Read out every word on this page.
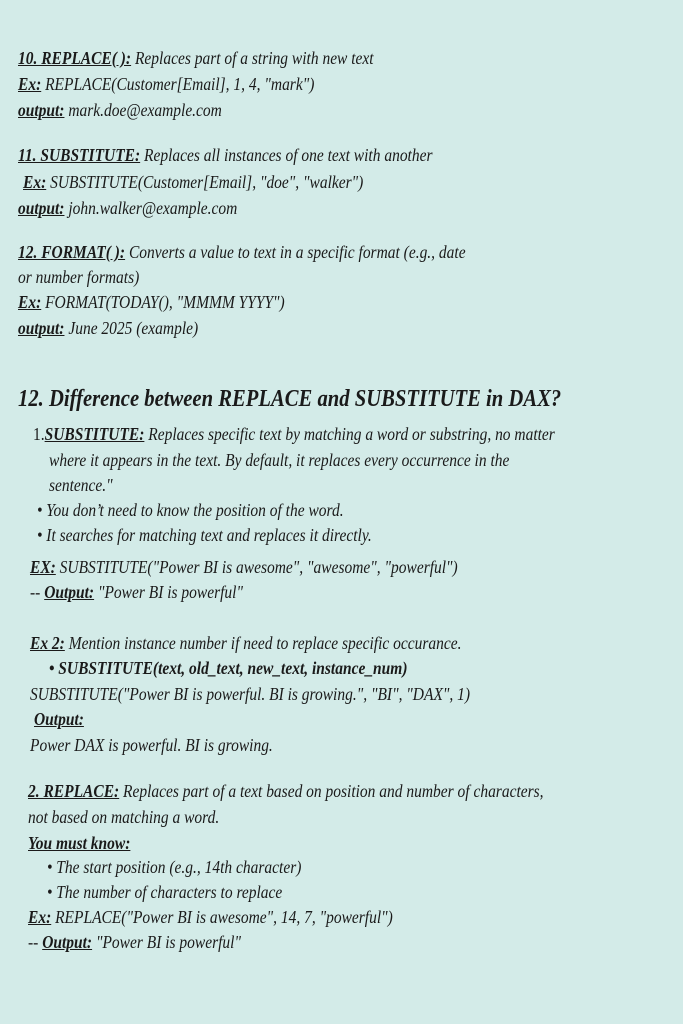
10. REPLACE( ): Replaces part of a string with new text
Ex: REPLACE(Customer[Email], 1, 4, "mark")
output: mark.doe@example.com
11. SUBSTITUTE: Replaces all instances of one text with another
Ex: SUBSTITUTE(Customer[Email], "doe", "walker")
output: john.walker@example.com
12. FORMAT( ): Converts a value to text in a specific format (e.g., date
or number formats)
Ex: FORMAT(TODAY(), "MMMM YYYY")
output: June 2025 (example)
12. Difference between REPLACE and SUBSTITUTE in DAX?
1.SUBSTITUTE: Replaces specific text by matching a word or substring, no matter
where it appears in the text. By default, it replaces every occurrence in the
sentence."
• You don’t need to know the position of the word.
• It searches for matching text and replaces it directly.
EX: SUBSTITUTE("Power BI is awesome", "awesome", "powerful")
-- Output: "Power BI is powerful"
Ex 2: Mention instance number if need to replace specific occurance.
• SUBSTITUTE(text, old_text, new_text, instance_num)
SUBSTITUTE("Power BI is powerful. BI is growing.", "BI", "DAX", 1)
Output:
Power DAX is powerful. BI is growing.
2. REPLACE: Replaces part of a text based on position and number of characters,
not based on matching a word.
You must know:
• The start position (e.g., 14th character)
• The number of characters to replace
Ex: REPLACE("Power BI is awesome", 14, 7, "powerful")
-- Output: "Power BI is powerful"
